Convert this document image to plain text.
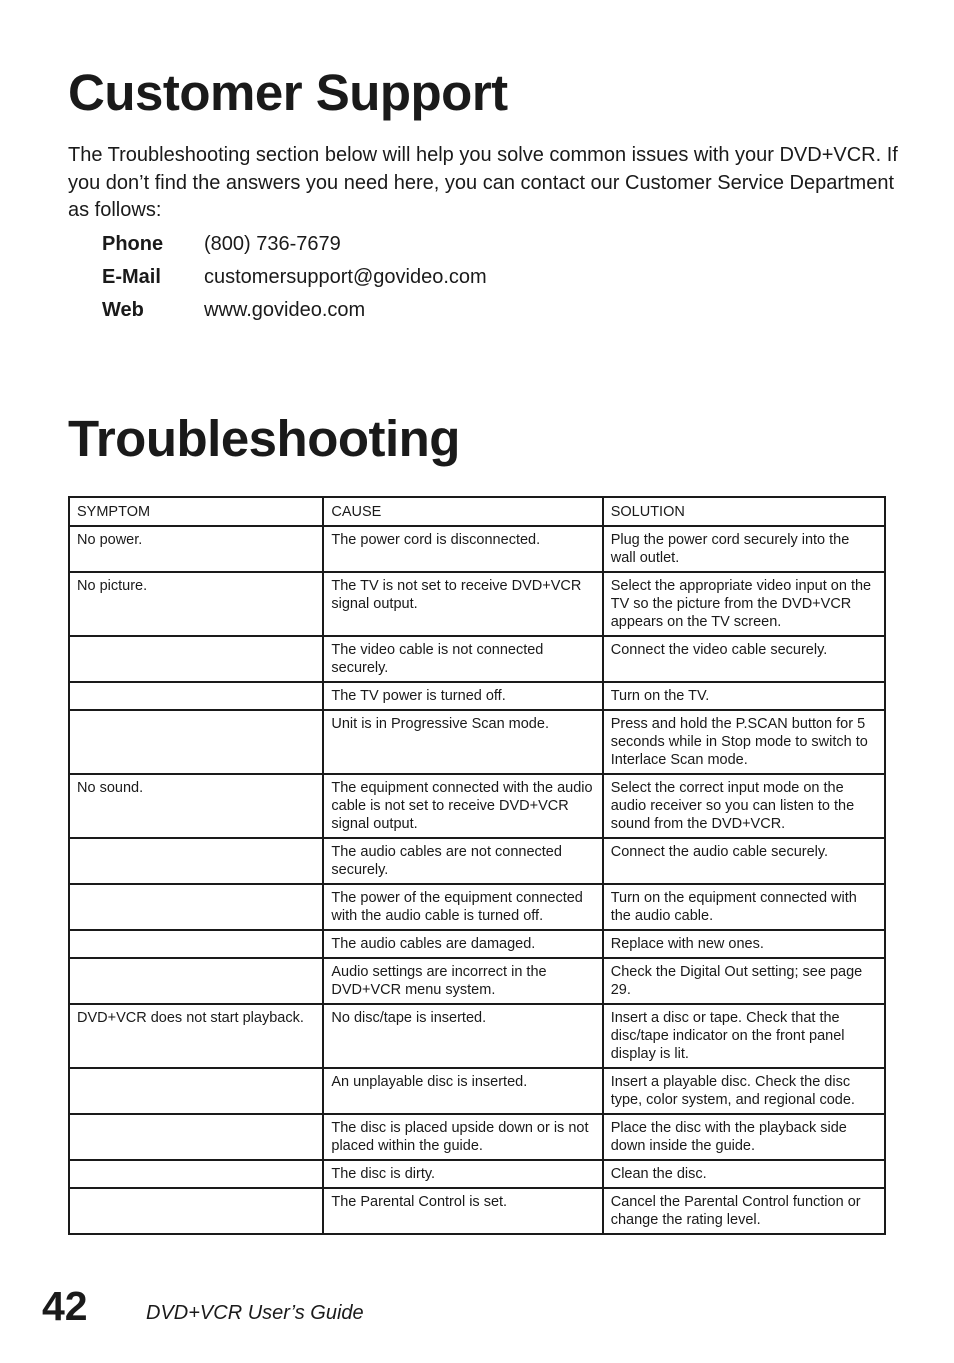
Customer Support

The Troubleshooting section below will help you solve common issues with your DVD+VCR. If you don’t find the answers you need here, you can contact our Customer Service Department as follows:

Phone	(800) 736-7679
E-Mail	customersupport@govideo.com
Web	www.govideo.com
Troubleshooting
SYMPTOM	CAUSE	SOLUTION
No power.	The power cord is disconnected.	Plug the power cord securely into the wall outlet.
No picture.	The TV is not set to receive DVD+VCR signal output.	Select the appropriate video input on the TV so the picture from the DVD+VCR appears on the TV screen.
	The video cable is not connected securely.	Connect the video cable securely.
	The TV power is turned off.	Turn on the TV.
	Unit is in Progressive Scan mode.	Press and hold the P.SCAN button for 5 seconds while in Stop mode to switch to Interlace Scan mode.
No sound.	The equipment connected with the audio cable is not set to receive DVD+VCR signal output.	Select the correct input mode on the audio receiver so you can listen to the sound from the DVD+VCR.
	The audio cables are not connected securely.	Connect the audio cable securely.
	The power of the equipment connected with the audio cable is turned off.	Turn on the equipment connected with the audio cable.
	The audio cables are damaged.	Replace with new ones.
	Audio settings are incorrect in the DVD+VCR menu system.	Check the Digital Out setting; see page 29.
DVD+VCR does not start playback.	No disc/tape is inserted.	Insert a disc or tape. Check that the disc/tape indicator on the front panel display is lit.
	An unplayable disc is inserted.	Insert a playable disc. Check the disc type, color system, and regional code.
	The disc is placed upside down or is not placed within the guide.	Place the disc with the playback side down inside the guide.
	The disc is dirty.	Clean the disc.
	The Parental Control is set.	Cancel the Parental Control function or change the rating level.
42	DVD+VCR User’s Guide
